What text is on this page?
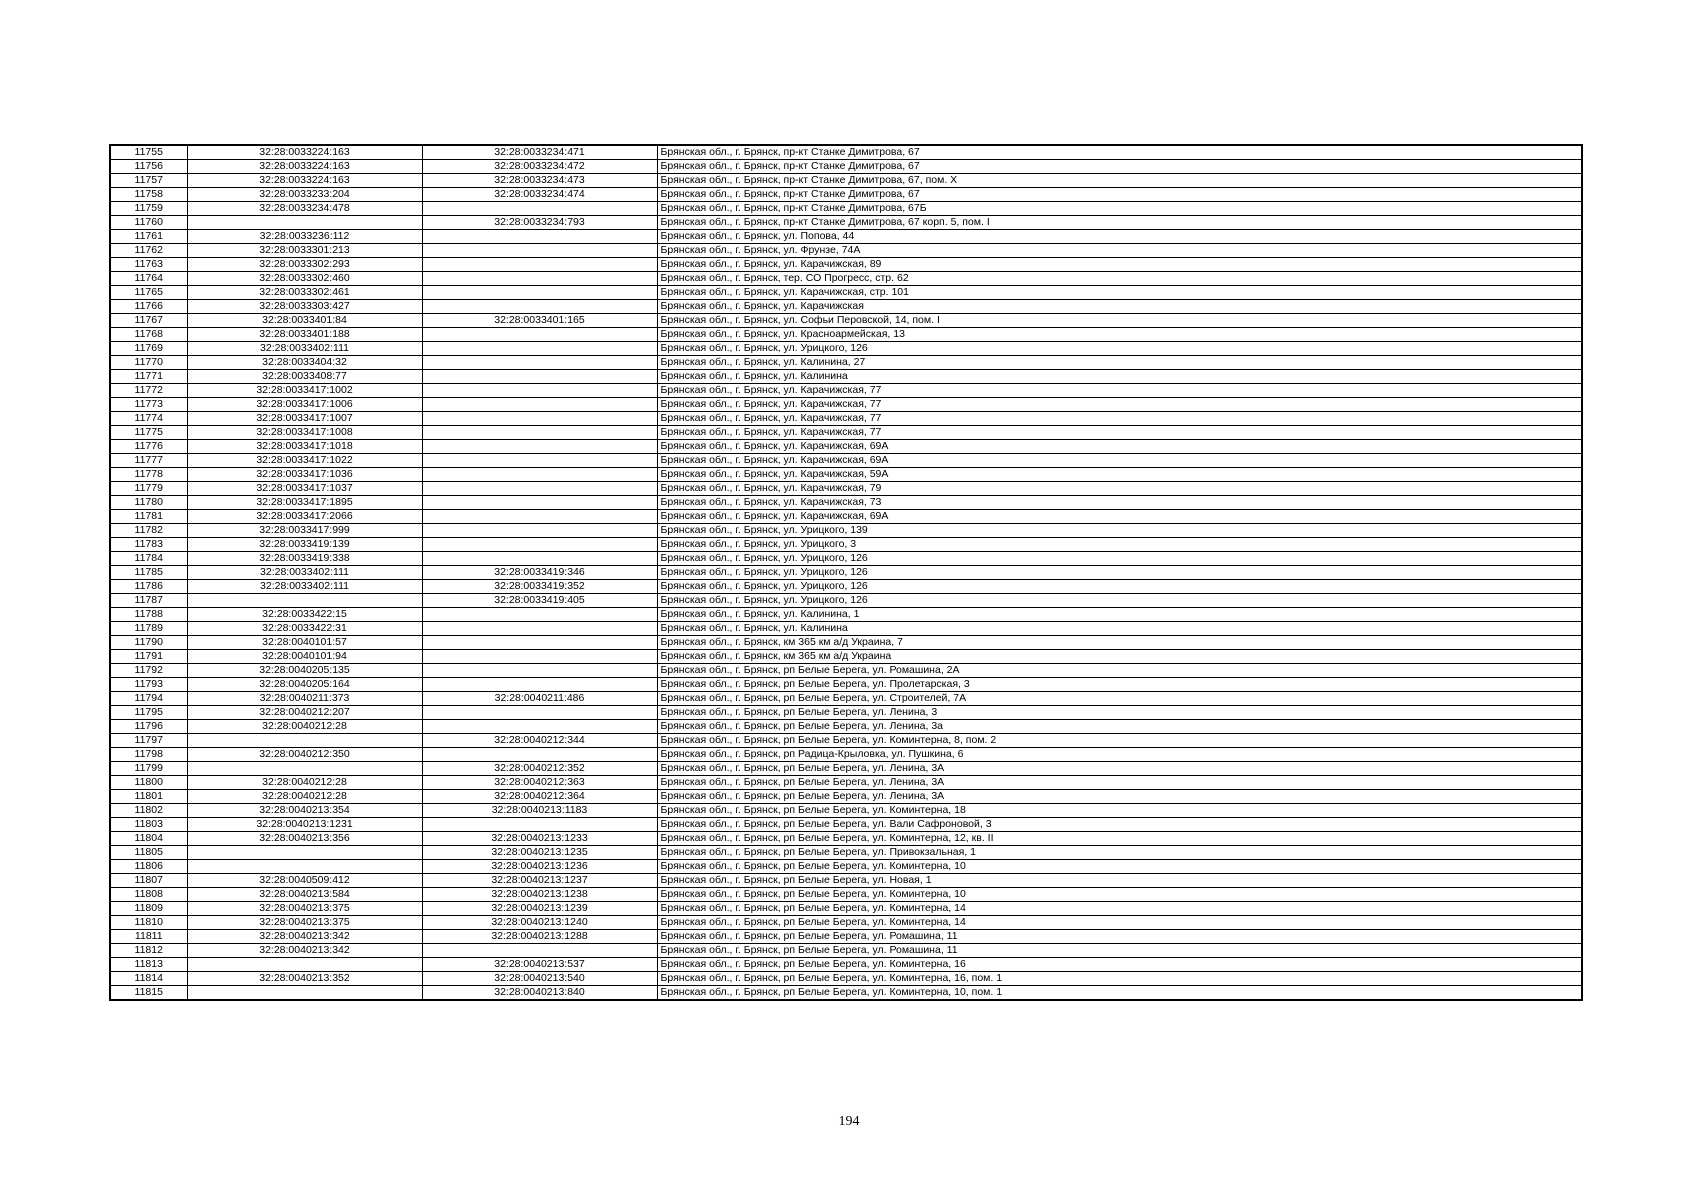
11755	32:28:0033224:163	32:28:0033234:471	Брянская обл., г. Брянск, пр-кт Станке Димитрова, 67
11756	32:28:0033224:163	32:28:0033234:472	Брянская обл., г. Брянск, пр-кт Станке Димитрова, 67
11757	32:28:0033224:163	32:28:0033234:473	Брянская обл., г. Брянск, пр-кт Станке Димитрова, 67, пом. X
11758	32:28:0033233:204	32:28:0033234:474	Брянская обл., г. Брянск, пр-кт Станке Димитрова, 67
11759	32:28:0033234:478		Брянская обл., г. Брянск, пр-кт Станке Димитрова, 67Б
11760		32:28:0033234:793	Брянская обл., г. Брянск, пр-кт Станке Димитрова, 67 корп. 5, пом. I
11761	32:28:0033236:112		Брянская обл., г. Брянск, ул. Попова, 44
11762	32:28:0033301:213		Брянская обл., г. Брянск, ул. Фрунзе, 74А
11763	32:28:0033302:293		Брянская обл., г. Брянск, ул. Карачижская, 89
11764	32:28:0033302:460		Брянская обл., г. Брянск, тер. СО Прогресс, стр. 62
11765	32:28:0033302:461		Брянская обл., г. Брянск, ул. Карачижская, стр. 101
11766	32:28:0033303:427		Брянская обл., г. Брянск, ул. Карачижская
11767	32:28:0033401:84	32:28:0033401:165	Брянская обл., г. Брянск, ул. Софьи Перовской, 14, пом. I
11768	32:28:0033401:188		Брянская обл., г. Брянск, ул. Красноармейская, 13
11769	32:28:0033402:111		Брянская обл., г. Брянск, ул. Урицкого, 126
11770	32:28:0033404:32		Брянская обл., г. Брянск, ул. Калинина, 27
11771	32:28:0033408:77		Брянская обл., г. Брянск, ул. Калинина
11772	32:28:0033417:1002		Брянская обл., г. Брянск, ул. Карачижская, 77
11773	32:28:0033417:1006		Брянская обл., г. Брянск, ул. Карачижская, 77
11774	32:28:0033417:1007		Брянская обл., г. Брянск, ул. Карачижская, 77
11775	32:28:0033417:1008		Брянская обл., г. Брянск, ул. Карачижская, 77
11776	32:28:0033417:1018		Брянская обл., г. Брянск, ул. Карачижская, 69А
11777	32:28:0033417:1022		Брянская обл., г. Брянск, ул. Карачижская, 69А
11778	32:28:0033417:1036		Брянская обл., г. Брянск, ул. Карачижская, 59А
11779	32:28:0033417:1037		Брянская обл., г. Брянск, ул. Карачижская, 79
11780	32:28:0033417:1895		Брянская обл., г. Брянск, ул. Карачижская, 73
11781	32:28:0033417:2066		Брянская обл., г. Брянск, ул. Карачижская, 69А
11782	32:28:0033417:999		Брянская обл., г. Брянск, ул. Урицкого, 139
11783	32:28:0033419:139		Брянская обл., г. Брянск, ул. Урицкого, 3
11784	32:28:0033419:338		Брянская обл., г. Брянск, ул. Урицкого, 126
11785	32:28:0033402:111	32:28:0033419:346	Брянская обл., г. Брянск, ул. Урицкого, 126
11786	32:28:0033402:111	32:28:0033419:352	Брянская обл., г. Брянск, ул. Урицкого, 126
11787		32:28:0033419:405	Брянская обл., г. Брянск, ул. Урицкого, 126
11788	32:28:0033422:15		Брянская обл., г. Брянск, ул. Калинина, 1
11789	32:28:0033422:31		Брянская обл., г. Брянск, ул. Калинина
11790	32:28:0040101:57		Брянская обл., г. Брянск, км 365 км а/д Украина, 7
11791	32:28:0040101:94		Брянская обл., г. Брянск, км 365 км а/д Украина
11792	32:28:0040205:135		Брянская обл., г. Брянск, рп Белые Берега, ул. Ромашина, 2А
11793	32:28:0040205:164		Брянская обл., г. Брянск, рп Белые Берега, ул. Пролетарская, 3
11794	32:28:0040211:373	32:28:0040211:486	Брянская обл., г. Брянск, рп Белые Берега, ул. Строителей, 7А
11795	32:28:0040212:207		Брянская обл., г. Брянск, рп Белые Берега, ул. Ленина, 3
11796	32:28:0040212:28		Брянская обл., г. Брянск, рп Белые Берега, ул. Ленина, 3а
11797		32:28:0040212:344	Брянская обл., г. Брянск, рп Белые Берега, ул. Коминтерна, 8, пом. 2
11798	32:28:0040212:350		Брянская обл., г. Брянск, рп Радица-Крыловка, ул. Пушкина, 6
11799		32:28:0040212:352	Брянская обл., г. Брянск, рп Белые Берега, ул. Ленина, 3А
11800	32:28:0040212:28	32:28:0040212:363	Брянская обл., г. Брянск, рп Белые Берега, ул. Ленина, 3А
11801	32:28:0040212:28	32:28:0040212:364	Брянская обл., г. Брянск, рп Белые Берега, ул. Ленина, 3А
11802	32:28:0040213:354	32:28:0040213:1183	Брянская обл., г. Брянск, рп Белые Берега, ул. Коминтерна, 18
11803	32:28:0040213:1231		Брянская обл., г. Брянск, рп Белые Берега, ул. Вали Сафроновой, 3
11804	32:28:0040213:356	32:28:0040213:1233	Брянская обл., г. Брянск, рп Белые Берега, ул. Коминтерна, 12, кв. II
11805		32:28:0040213:1235	Брянская обл., г. Брянск, рп Белые Берега, ул. Привокзальная, 1
11806		32:28:0040213:1236	Брянская обл., г. Брянск, рп Белые Берега, ул. Коминтерна, 10
11807	32:28:0040509:412	32:28:0040213:1237	Брянская обл., г. Брянск, рп Белые Берега, ул. Новая, 1
11808	32:28:0040213:584	32:28:0040213:1238	Брянская обл., г. Брянск, рп Белые Берега, ул. Коминтерна, 10
11809	32:28:0040213:375	32:28:0040213:1239	Брянская обл., г. Брянск, рп Белые Берега, ул. Коминтерна, 14
11810	32:28:0040213:375	32:28:0040213:1240	Брянская обл., г. Брянск, рп Белые Берега, ул. Коминтерна, 14
11811	32:28:0040213:342	32:28:0040213:1288	Брянская обл., г. Брянск, рп Белые Берега, ул. Ромашина, 11
11812	32:28:0040213:342		Брянская обл., г. Брянск, рп Белые Берега, ул. Ромашина, 11
11813		32:28:0040213:537	Брянская обл., г. Брянск, рп Белые Берега, ул. Коминтерна, 16
11814	32:28:0040213:352	32:28:0040213:540	Брянская обл., г. Брянск, рп Белые Берега, ул. Коминтерна, 16, пом. 1
11815		32:28:0040213:840	Брянская обл., г. Брянск, рп Белые Берега, ул. Коминтерна, 10, пом. 1
194
